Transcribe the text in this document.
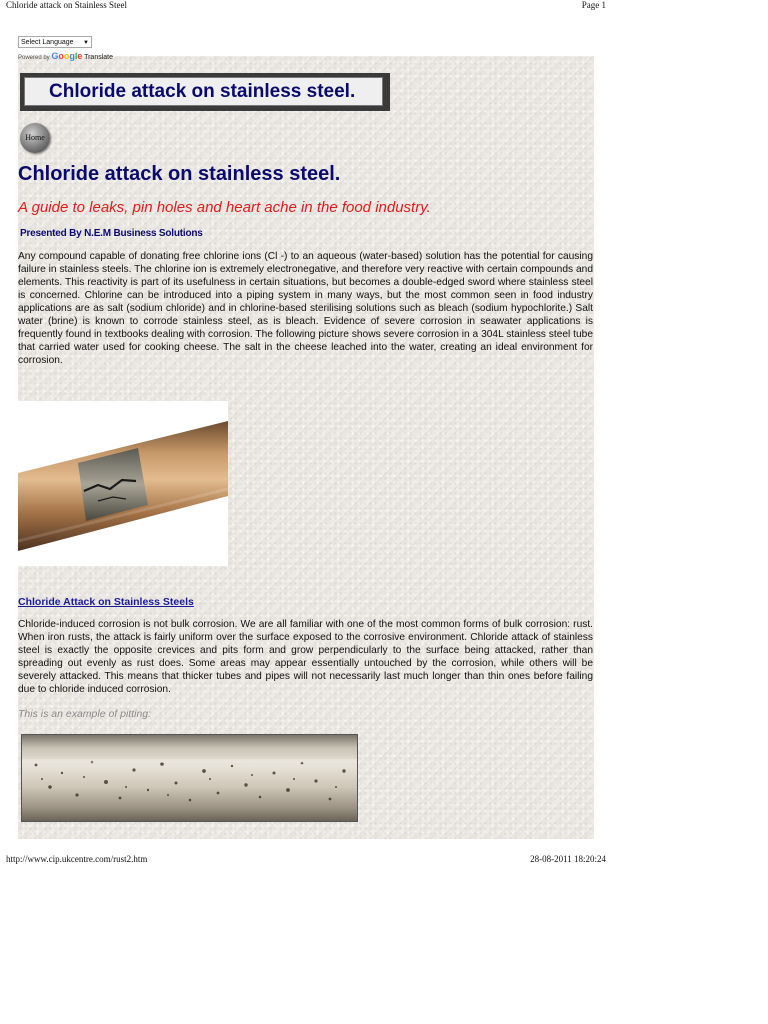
Chloride attack on Stainless Steel	Page 1
Select Language ▼
Powered by Google Translate
Chloride attack on stainless steel.
Home
Chloride attack on stainless steel.
A guide to leaks, pin holes and heart ache in the food industry.
Presented By N.E.M Business Solutions
Any compound capable of donating free chlorine ions (Cl -) to an aqueous (water-based) solution has the potential for causing failure in stainless steels. The chlorine ion is extremely electronegative, and therefore very reactive with certain compounds and elements. This reactivity is part of its usefulness in certain situations, but becomes a double-edged sword where stainless steel is concerned. Chlorine can be introduced into a piping system in many ways, but the most common seen in food industry applications are as salt (sodium chloride) and in chlorine-based sterilising solutions such as bleach (sodium hypochlorite.) Salt water (brine) is known to corrode stainless steel, as is bleach. Evidence of severe corrosion in seawater applications is frequently found in textbooks dealing with corrosion. The following picture shows severe corrosion in a 304L stainless steel tube that carried water used for cooking cheese. The salt in the cheese leached into the water, creating an ideal environment for corrosion.
Chloride Attack on Stainless Steels
Chloride-induced corrosion is not bulk corrosion. We are all familiar with one of the most common forms of bulk corrosion: rust. When iron rusts, the attack is fairly uniform over the surface exposed to the corrosive environment. Chloride attack of stainless steel is exactly the opposite crevices and pits form and grow perpendicularly to the surface being attacked, rather than spreading out evenly as rust does. Some areas may appear essentially untouched by the corrosion, while others will be severely attacked. This means that thicker tubes and pipes will not necessarily last much longer than thin ones before failing due to chloride induced corrosion.
This is an example of pitting:
http://www.cip.ukcentre.com/rust2.htm	28-08-2011 18:20:24
